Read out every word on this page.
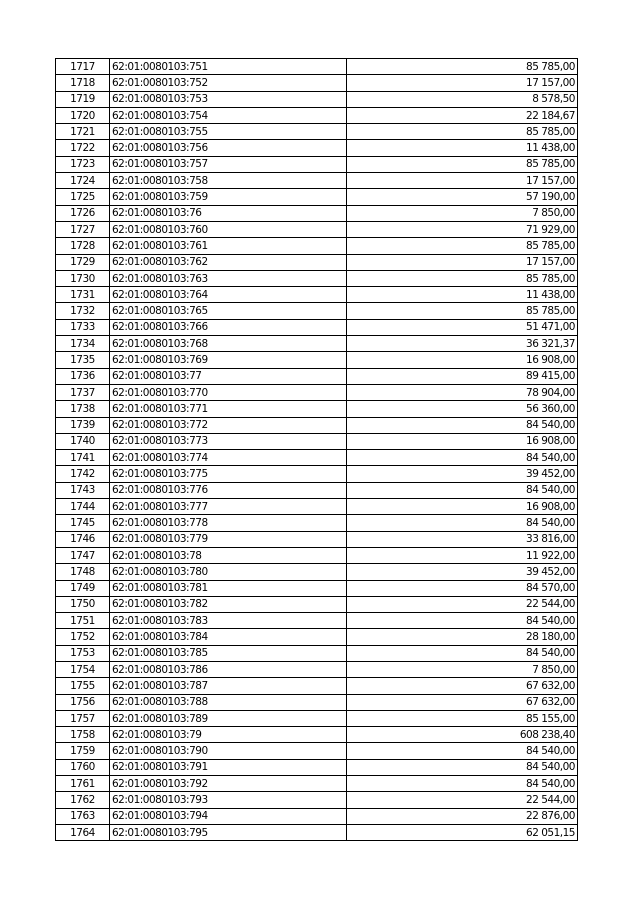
1717	62:01:0080103:751	85 785,00
1718	62:01:0080103:752	17 157,00
1719	62:01:0080103:753	8 578,50
1720	62:01:0080103:754	22 184,67
1721	62:01:0080103:755	85 785,00
1722	62:01:0080103:756	11 438,00
1723	62:01:0080103:757	85 785,00
1724	62:01:0080103:758	17 157,00
1725	62:01:0080103:759	57 190,00
1726	62:01:0080103:76	7 850,00
1727	62:01:0080103:760	71 929,00
1728	62:01:0080103:761	85 785,00
1729	62:01:0080103:762	17 157,00
1730	62:01:0080103:763	85 785,00
1731	62:01:0080103:764	11 438,00
1732	62:01:0080103:765	85 785,00
1733	62:01:0080103:766	51 471,00
1734	62:01:0080103:768	36 321,37
1735	62:01:0080103:769	16 908,00
1736	62:01:0080103:77	89 415,00
1737	62:01:0080103:770	78 904,00
1738	62:01:0080103:771	56 360,00
1739	62:01:0080103:772	84 540,00
1740	62:01:0080103:773	16 908,00
1741	62:01:0080103:774	84 540,00
1742	62:01:0080103:775	39 452,00
1743	62:01:0080103:776	84 540,00
1744	62:01:0080103:777	16 908,00
1745	62:01:0080103:778	84 540,00
1746	62:01:0080103:779	33 816,00
1747	62:01:0080103:78	11 922,00
1748	62:01:0080103:780	39 452,00
1749	62:01:0080103:781	84 570,00
1750	62:01:0080103:782	22 544,00
1751	62:01:0080103:783	84 540,00
1752	62:01:0080103:784	28 180,00
1753	62:01:0080103:785	84 540,00
1754	62:01:0080103:786	7 850,00
1755	62:01:0080103:787	67 632,00
1756	62:01:0080103:788	67 632,00
1757	62:01:0080103:789	85 155,00
1758	62:01:0080103:79	608 238,40
1759	62:01:0080103:790	84 540,00
1760	62:01:0080103:791	84 540,00
1761	62:01:0080103:792	84 540,00
1762	62:01:0080103:793	22 544,00
1763	62:01:0080103:794	22 876,00
1764	62:01:0080103:795	62 051,15
